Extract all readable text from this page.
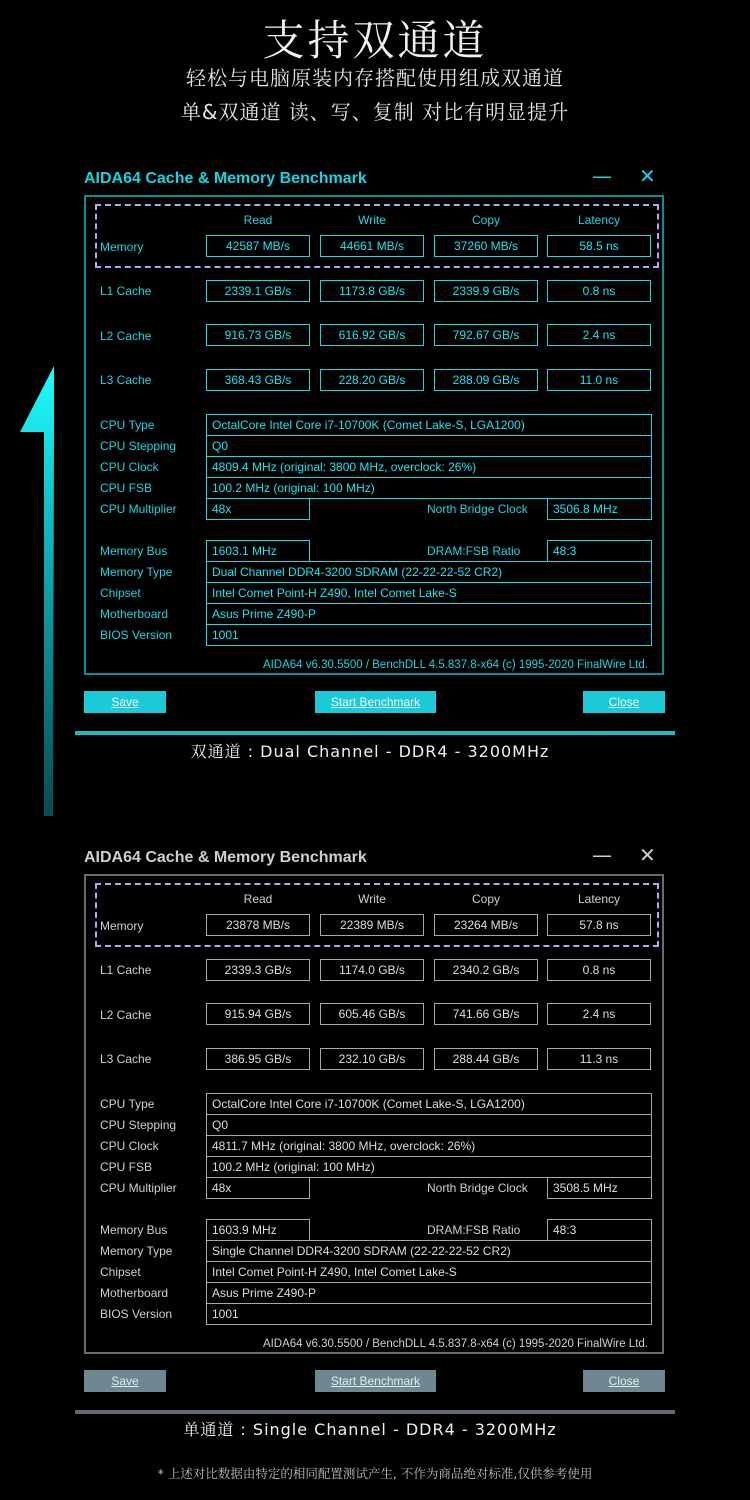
支持双通道
轻松与电脑原装内存搭配使用组成双通道
单&双通道 读、写、复制 对比有明显提升
AIDA64 Cache & Memory Benchmark	— ✕
Read	Write	Copy	Latency
Memory	42587 MB/s	44661 MB/s	37260 MB/s	58.5 ns
L1 Cache	2339.1 GB/s	1173.8 GB/s	2339.9 GB/s	0.8 ns
L2 Cache	916.73 GB/s	616.92 GB/s	792.67 GB/s	2.4 ns
L3 Cache	368.43 GB/s	228.20 GB/s	288.09 GB/s	11.0 ns
CPU Type	OctalCore Intel Core i7-10700K (Comet Lake-S, LGA1200)
CPU Stepping	Q0
CPU Clock	4809.4 MHz (original: 3800 MHz, overclock: 26%)
CPU FSB	100.2 MHz (original: 100 MHz)
CPU Multiplier	48x	North Bridge Clock	3506.8 MHz
Memory Bus	1603.1 MHz	DRAM:FSB Ratio	48:3
Memory Type	Dual Channel DDR4-3200 SDRAM (22-22-22-52 CR2)
Chipset	Intel Comet Point-H Z490, Intel Comet Lake-S
Motherboard	Asus Prime Z490-P
BIOS Version	1001
AIDA64 v6.30.5500 / BenchDLL 4.5.837.8-x64 (c) 1995-2020 FinalWire Ltd.
Save	Start Benchmark	Close
双通道 : Dual Channel - DDR4 - 3200MHz
AIDA64 Cache & Memory Benchmark	— ✕
Read	Write	Copy	Latency
Memory	23878 MB/s	22389 MB/s	23264 MB/s	57.8 ns
L1 Cache	2339.3 GB/s	1174.0 GB/s	2340.2 GB/s	0.8 ns
L2 Cache	915.94 GB/s	605.46 GB/s	741.66 GB/s	2.4 ns
L3 Cache	386.95 GB/s	232.10 GB/s	288.44 GB/s	11.3 ns
CPU Type	OctalCore Intel Core i7-10700K (Comet Lake-S, LGA1200)
CPU Stepping	Q0
CPU Clock	4811.7 MHz (original: 3800 MHz, overclock: 26%)
CPU FSB	100.2 MHz (original: 100 MHz)
CPU Multiplier	48x	North Bridge Clock	3508.5 MHz
Memory Bus	1603.9 MHz	DRAM:FSB Ratio	48:3
Memory Type	Single Channel DDR4-3200 SDRAM (22-22-22-52 CR2)
Chipset	Intel Comet Point-H Z490, Intel Comet Lake-S
Motherboard	Asus Prime Z490-P
BIOS Version	1001
AIDA64 v6.30.5500 / BenchDLL 4.5.837.8-x64 (c) 1995-2020 FinalWire Ltd.
Save	Start Benchmark	Close
单通道 : Single Channel - DDR4 - 3200MHz
* 上述对比数据由特定的相同配置测试产生, 不作为商品绝对标准,仅供参考使用
